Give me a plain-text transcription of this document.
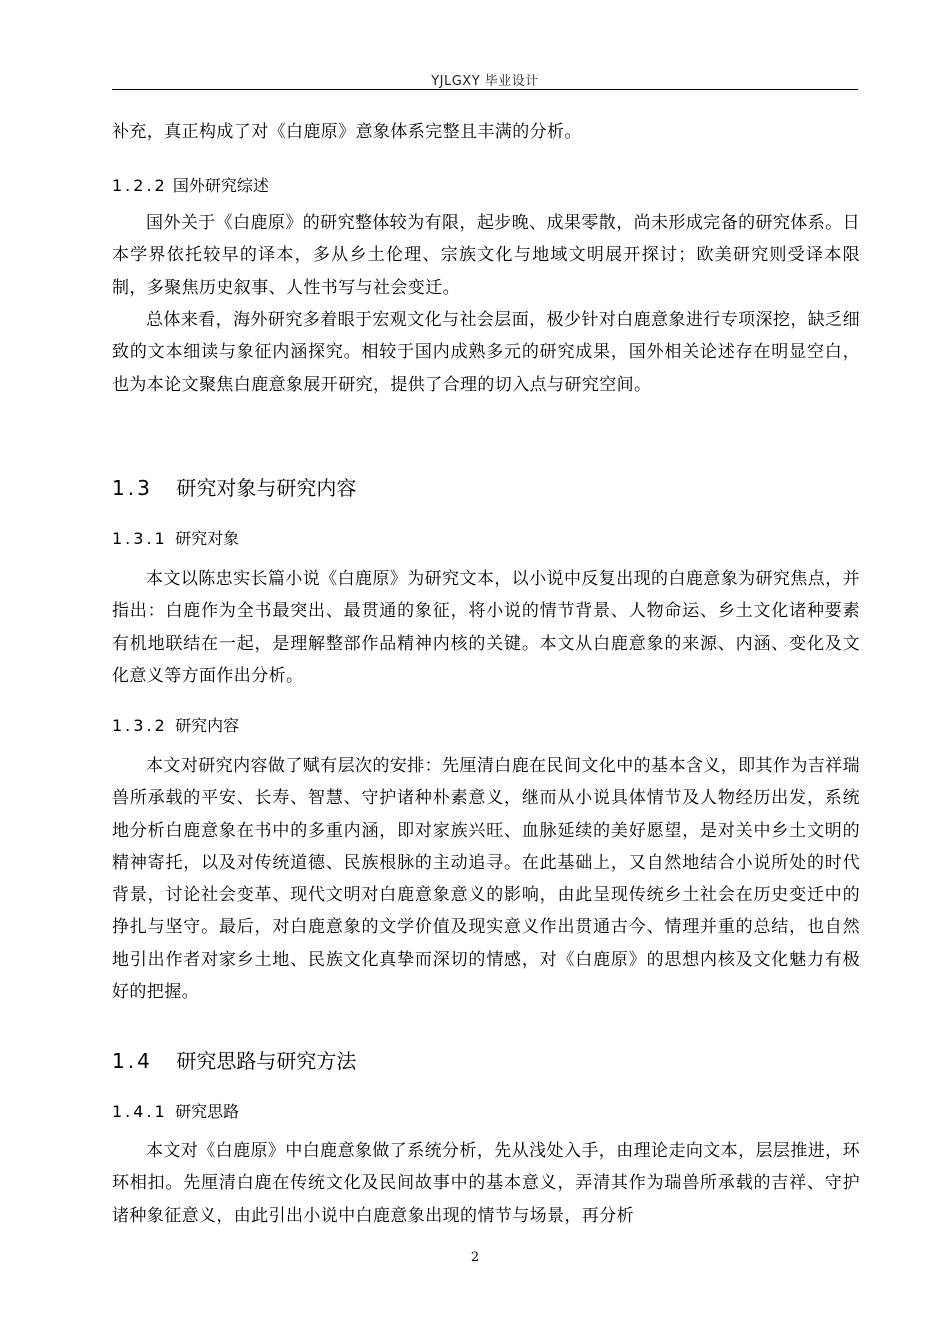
YJLGXY 毕业设计

补充，真正构成了对《白鹿原》意象体系完整且丰满的分析。

1.2.2 国外研究综述

国外关于《白鹿原》的研究整体较为有限，起步晚、成果零散，尚未形成完备的研究体系。日本学界依托较早的译本，多从乡土伦理、宗族文化与地域文明展开探讨；欧美研究则受译本限制，多聚焦历史叙事、人性书写与社会变迁。

总体来看，海外研究多着眼于宏观文化与社会层面，极少针对白鹿意象进行专项深挖，缺乏细致的文本细读与象征内涵探究。相较于国内成熟多元的研究成果，国外相关论述存在明显空白，也为本论文聚焦白鹿意象展开研究，提供了合理的切入点与研究空间。

1.3 研究对象与研究内容
1.3.1 研究对象

本文以陈忠实长篇小说《白鹿原》为研究文本，以小说中反复出现的白鹿意象为研究焦点，并指出：白鹿作为全书最突出、最贯通的象征，将小说的情节背景、人物命运、乡土文化诸种要素有机地联结在一起，是理解整部作品精神内核的关键。本文从白鹿意象的来源、内涵、变化及文化意义等方面作出分析。

1.3.2 研究内容

本文对研究内容做了赋有层次的安排：先厘清白鹿在民间文化中的基本含义，即其作为吉祥瑞兽所承载的平安、长寿、智慧、守护诸种朴素意义，继而从小说具体情节及人物经历出发，系统地分析白鹿意象在书中的多重内涵，即对家族兴旺、血脉延续的美好愿望，是对关中乡土文明的精神寄托，以及对传统道德、民族根脉的主动追寻。在此基础上，又自然地结合小说所处的时代背景，讨论社会变革、现代文明对白鹿意象意义的影响，由此呈现传统乡土社会在历史变迁中的挣扎与坚守。最后，对白鹿意象的文学价值及现实意义作出贯通古今、情理并重的总结，也自然地引出作者对家乡土地、民族文化真挚而深切的情感，对《白鹿原》的思想内核及文化魅力有极好的把握。

1.4 研究思路与研究方法
1.4.1 研究思路

本文对《白鹿原》中白鹿意象做了系统分析，先从浅处入手，由理论走向文本，层层推进，环环相扣。先厘清白鹿在传统文化及民间故事中的基本意义，弄清其作为瑞兽所承载的吉祥、守护诸种象征意义，由此引出小说中白鹿意象出现的情节与场景，再分析

2
